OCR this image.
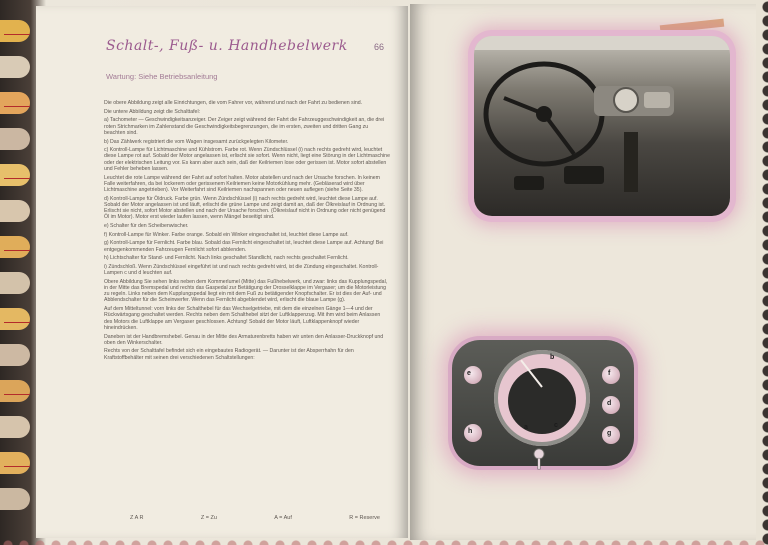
Schalt-, Fuß- u. Handhebelwerk	66
Wartung: Siehe Betriebsanleitung

Die obere Abbildung zeigt alle Einrichtungen, die vom Fahrer vor, während und nach der Fahrt zu bedienen sind.

Die untere Abbildung zeigt die Schalttafel:

a) Tachometer — Geschwindigkeitsanzeiger. Der Zeiger zeigt während der Fahrt die Fahrzeuggeschwindigkeit an, die drei roten Strichmarken im Zahlenstand die Geschwindigkeitsbegrenzungen, die im ersten, zweiten und dritten Gang zu beachten sind.

b) Das Zählwerk registriert die vom Wagen insgesamt zurückgelegten Kilometer.

c) Kontroll-Lampe für Lichtmaschine und Kühlstrom. Farbe rot. Wenn Zündschlüssel (i) nach rechts gedreht wird, leuchtet diese Lampe rot auf. Sobald der Motor angelassen ist, erlischt sie sofort. Wenn nicht, liegt eine Störung in der Lichtmaschine oder der elektrischen Leitung vor. Es kann aber auch sein, daß der Keilriemen lose oder gerissen ist. Motor sofort abstellen und Fehler beheben lassen.

Leuchtet die rote Lampe während der Fahrt auf sofort halten. Motor abstellen und nach der Ursache forschen. In keinem Falle weiterfahren, da bei lockerem oder gerissenem Keilriemen keine Motorkühlung mehr. (Gebläserad wird über Lichtmaschine angetrieben). Vor Weiterfahrt sind Keilriemen nachspannen oder neuen auflegen (siehe Seite 35).

d) Kontroll-Lampe für Öldruck. Farbe grün. Wenn Zündschlüssel (i) nach rechts gedreht wird, leuchtet diese Lampe auf. Sobald der Motor angelassen ist und läuft, erlischt die grüne Lampe und zeigt damit an, daß der Ölkreislauf in Ordnung ist. Erlischt sie nicht, sofort Motor abstellen und nach der Ursache forschen. (Ölkreislauf nicht in Ordnung oder nicht genügend Öl im Motor). Motor erst wieder laufen lassen, wenn Mängel beseitigt sind.

e) Schalter für den Scheibenwischer.

f) Kontroll-Lampe für Winker. Farbe orange. Sobald ein Winker eingeschaltet ist, leuchtet diese Lampe auf.

g) Kontroll-Lampe für Fernlicht. Farbe blau. Sobald das Fernlicht eingeschaltet ist, leuchtet diese Lampe auf. Achtung! Bei entgegenkommenden Fahrzeugen Fernlicht sofort abblenden.

h) Lichtschalter für Stand- und Fernlicht. Nach links geschaltet Standlicht, nach rechts geschaltet Fernlicht.

i) Zündschloß. Wenn Zündschlüssel eingeführt ist und nach rechts gedreht wird, ist die Zündung eingeschaltet. Kontroll-Lampen c und d leuchten auf.

Obere Abbildung Sie sehen links neben dem Kommerlumel (Mitte) das Fußhebelwerk, und zwar: links das Kupplungspedal, in der Mitte das Bremspedal und rechts das Gaspedal zur Betätigung der Drosselklappe im Vergaser; um die Motorleistung zu regeln. Links neben dem Kupplungspedal liegt ein mit dem Fuß zu betätigender Knopfschalter. Er ist dies der Auf- und Abblendschalter für die Scheinwerfer. Wenn das Fernlicht abgeblendet wird, erlischt die blaue Lampe (g).

Auf dem Mitteltunnel: vorn links der Schalthebel für das Wechselgetriebe, mit dem die einzelnen Gänge 1—4 und der Rückwärtsgang geschaltet werden. Rechts neben dem Schalthebel sitzt der Luftklappenzug. Mit ihm wird beim Anlassen des Motors die Luftklappe am Vergaser geschlossen. Achtung! Sobald der Motor läuft, Luftklappenknopf wieder hineindrücken.

Daneben ist der Handbremshebel. Genau in der Mitte des Armaturenbretts haben wir unten den Anlasser-Druckknopf und oben den Winkerschalter.

Rechts von der Schalttafel befindet sich ein eingebautes Radiogerät. — Darunter ist der Absperrhahn für den Kraftstoffbehälter mit seinen drei verschiedenen Schaltstellungen:

Z A R	Z = Zu	A = Auf	R = Reserve
b
a	c
e
h
f
d
g
